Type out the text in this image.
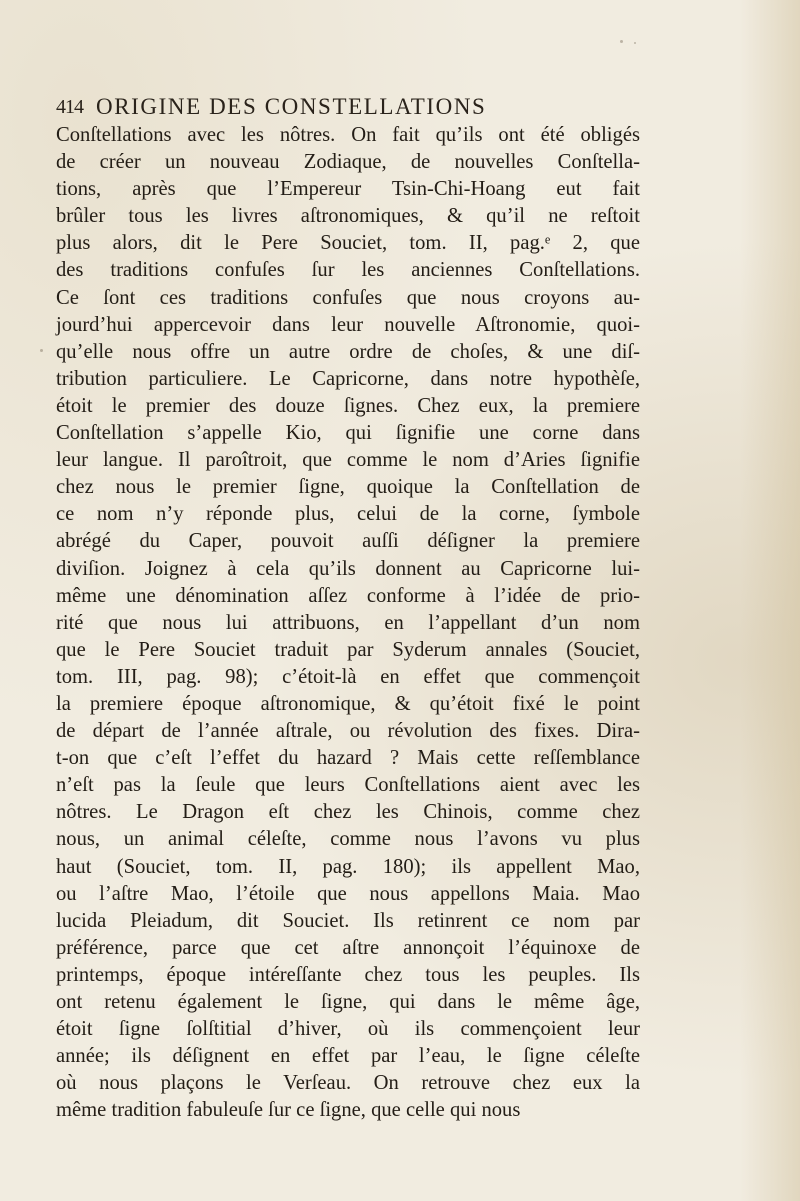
414 ORIGINE DES CONSTELLATIONS
Conſtellations avec les nôtres. On fait qu’ils ont été obligés
de créer un nouveau Zodiaque, de nouvelles Conſtella-
tions, après que l’Empereur Tsin-Chi-Hoang eut fait
brûler tous les livres aſtronomiques, & qu’il ne reſtoit
plus alors, dit le Pere Souciet, tom. II, pag.ᵉ 2, que
des traditions confuſes ſur les anciennes Conſtellations.
Ce ſont ces traditions confuſes que nous croyons au-
jourd’hui appercevoir dans leur nouvelle Aſtronomie, quoi-
qu’elle nous offre un autre ordre de choſes, & une diſ-
tribution particuliere. Le Capricorne, dans notre hypothèſe,
étoit le premier des douze ſignes. Chez eux, la premiere
Conſtellation s’appelle Kio, qui ſignifie une corne dans
leur langue. Il paroîtroit, que comme le nom d’Aries ſignifie
chez nous le premier ſigne, quoique la Conſtellation de
ce nom n’y réponde plus, celui de la corne, ſymbole
abrégé du Caper, pouvoit auſſi déſigner la premiere
diviſion. Joignez à cela qu’ils donnent au Capricorne lui-
même une dénomination aſſez conforme à l’idée de prio-
rité que nous lui attribuons, en l’appellant d’un nom
que le Pere Souciet traduit par Syderum annales (Souciet,
tom. III, pag. 98); c’étoit-là en effet que commençoit
la premiere époque aſtronomique, & qu’étoit fixé le point
de départ de l’année aſtrale, ou révolution des fixes. Dira-
t-on que c’eſt l’effet du hazard ? Mais cette reſſemblance
n’eſt pas la ſeule que leurs Conſtellations aient avec les
nôtres. Le Dragon eſt chez les Chinois, comme chez
nous, un animal céleſte, comme nous l’avons vu plus
haut (Souciet, tom. II, pag. 180); ils appellent Mao,
ou l’aſtre Mao, l’étoile que nous appellons Maia. Mao
lucida Pleiadum, dit Souciet. Ils retinrent ce nom par
préférence, parce que cet aſtre annonçoit l’équinoxe de
printemps, époque intéreſſante chez tous les peuples. Ils
ont retenu également le ſigne, qui dans le même âge,
étoit ſigne ſolſtitial d’hiver, où ils commençoient leur
année; ils déſignent en effet par l’eau, le ſigne céleſte
où nous plaçons le Verſeau. On retrouve chez eux la
même tradition fabuleuſe ſur ce ſigne, que celle qui nous
